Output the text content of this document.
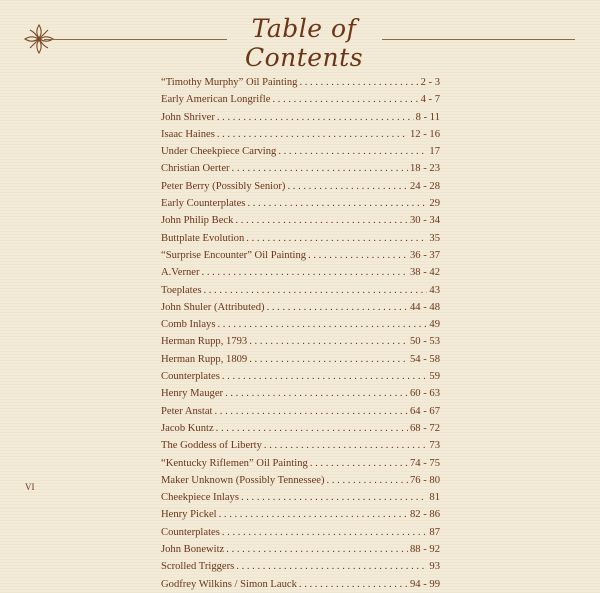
Table of Contents
“Timothy Murphy” Oil Painting . . .	2 - 3
Early American Longrifle . . .	4 - 7
John Shriver . . .	8 - 11
Isaac Haines . . .	12 - 16
Under Cheekpiece Carving . . .	17
Christian Oerter . . .	18 - 23
Peter Berry (Possibly Senior) . . .	24 - 28
Early Counterplates . . .	29
John Philip Beck . . .	30 - 34
Buttplate Evolution . . .	35
“Surprise Encounter” Oil Painting . . .	36 - 37
A.Verner . . .	38 - 42
Toeplates . . .	43
John Shuler (Attributed) . . .	44 - 48
Comb Inlays . . .	49
Herman Rupp, 1793 . . .	50 - 53
Herman Rupp, 1809 . . .	54 - 58
Counterplates . . .	59
Henry Mauger . . .	60 - 63
Peter Anstat . . .	64 - 67
Jacob Kuntz . . .	68 - 72
The Goddess of Liberty . . .	73
“Kentucky Riflemen” Oil Painting . . .	74 - 75
Maker Unknown (Possibly Tennessee) . . .	76 - 80
Cheekpiece Inlays . . .	81
Henry Pickel . . .	82 - 86
Counterplates . . .	87
John Bonewitz . . .	88 - 92
Scrolled Triggers . . .	93
Godfrey Wilkins / Simon Lauck . . .	94 - 99
VI
